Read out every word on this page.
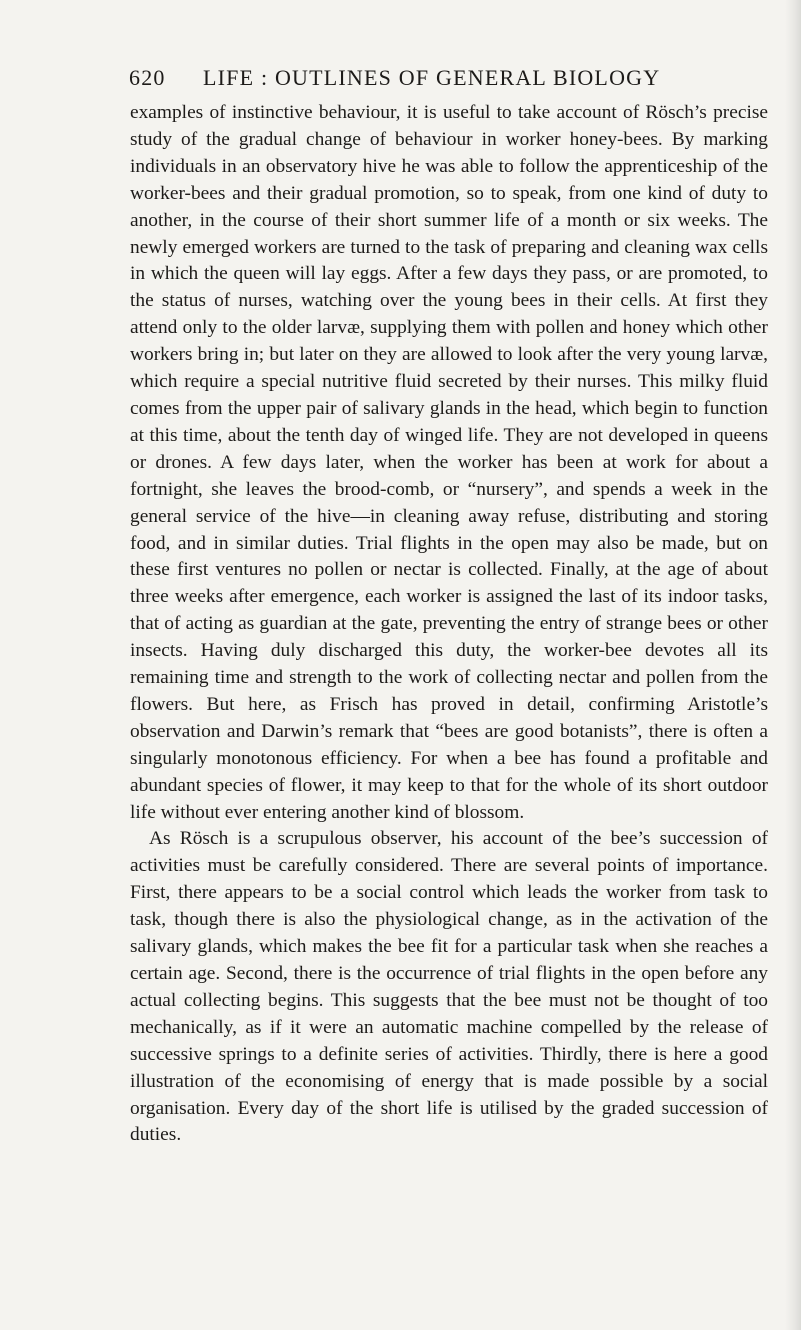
620	LIFE : OUTLINES OF GENERAL BIOLOGY

examples of instinctive behaviour, it is useful to take account of Rösch’s precise study of the gradual change of behaviour in worker honey-bees. By marking individuals in an observatory hive he was able to follow the apprenticeship of the worker-bees and their gradual promotion, so to speak, from one kind of duty to another, in the course of their short summer life of a month or six weeks. The newly emerged workers are turned to the task of preparing and cleaning wax cells in which the queen will lay eggs. After a few days they pass, or are promoted, to the status of nurses, watching over the young bees in their cells. At first they attend only to the older larvæ, supplying them with pollen and honey which other workers bring in; but later on they are allowed to look after the very young larvæ, which require a special nutritive fluid secreted by their nurses. This milky fluid comes from the upper pair of salivary glands in the head, which begin to function at this time, about the tenth day of winged life. They are not developed in queens or drones. A few days later, when the worker has been at work for about a fortnight, she leaves the brood-comb, or “nursery”, and spends a week in the general service of the hive—in cleaning away refuse, distributing and storing food, and in similar duties. Trial flights in the open may also be made, but on these first ventures no pollen or nectar is collected. Finally, at the age of about three weeks after emergence, each worker is assigned the last of its indoor tasks, that of acting as guardian at the gate, preventing the entry of strange bees or other insects. Having duly discharged this duty, the worker-bee devotes all its remaining time and strength to the work of collecting nectar and pollen from the flowers. But here, as Frisch has proved in detail, confirming Aristotle’s observation and Darwin’s remark that “bees are good botanists”, there is often a singularly monotonous efficiency. For when a bee has found a profitable and abundant species of flower, it may keep to that for the whole of its short outdoor life without ever entering another kind of blossom.

As Rösch is a scrupulous observer, his account of the bee’s succession of activities must be carefully considered. There are several points of importance. First, there appears to be a social control which leads the worker from task to task, though there is also the physiological change, as in the activation of the salivary glands, which makes the bee fit for a particular task when she reaches a certain age. Second, there is the occurrence of trial flights in the open before any actual collecting begins. This suggests that the bee must not be thought of too mechanically, as if it were an automatic machine compelled by the release of successive springs to a definite series of activities. Thirdly, there is here a good illustration of the economising of energy that is made possible by a social organisation. Every day of the short life is utilised by the graded succession of duties.
